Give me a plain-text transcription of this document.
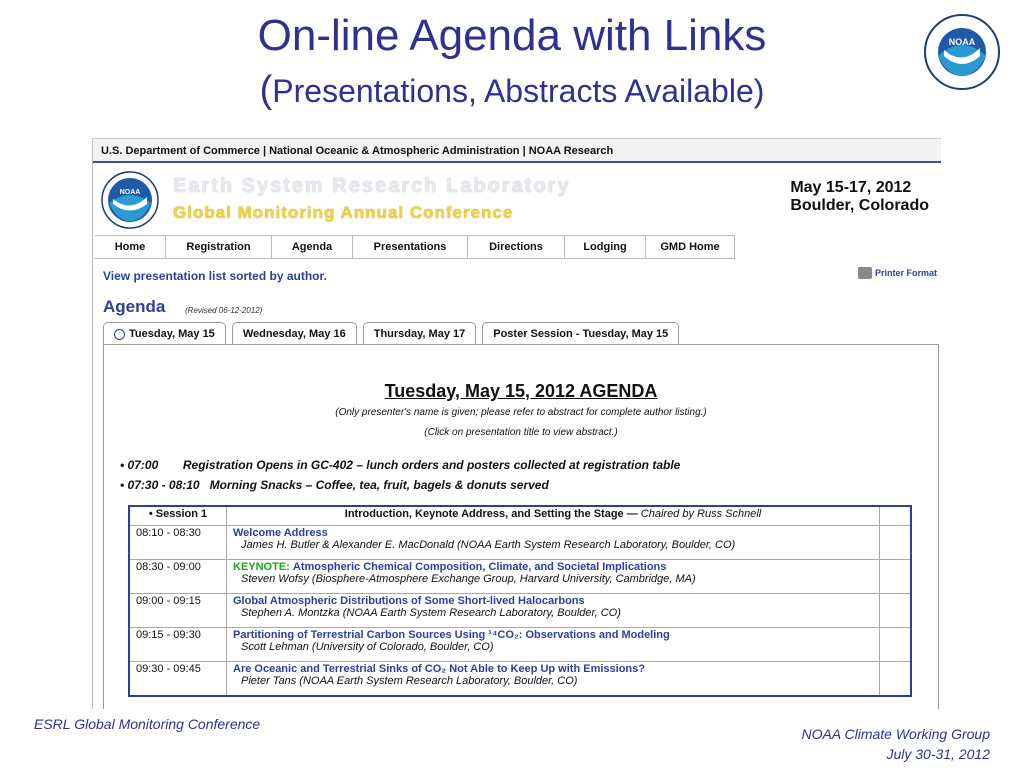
On-line Agenda with Links
(Presentations, Abstracts Available)
NOAA
U.S. Department of Commerce | National Oceanic & Atmospheric Administration | NOAA Research
NOAA Earth System Research Laboratory
Global Monitoring Annual Conference
May 15-17, 2012
Boulder, Colorado
Home	Registration	Agenda	Presentations	Directions	Lodging	GMD Home
View presentation list sorted by author.	Printer Format
Agenda (Revised 06-12-2012)
Tuesday, May 15	Wednesday, May 16	Thursday, May 17	Poster Session - Tuesday, May 15
Tuesday, May 15, 2012 AGENDA
(Only presenter's name is given; please refer to abstract for complete author listing.)
(Click on presentation title to view abstract.)
• 07:00 Registration Opens in GC-402 – lunch orders and posters collected at registration table
• 07:30 - 08:10 Morning Snacks – Coffee, tea, fruit, bagels & donuts served
• Session 1	Introduction, Keynote Address, and Setting the Stage — Chaired by Russ Schnell	
08:10 - 08:30	Welcome Address
James H. Butler & Alexander E. MacDonald (NOAA Earth System Research Laboratory, Boulder, CO)	

08:30 - 09:00	KEYNOTE: Atmospheric Chemical Composition, Climate, and Societal Implications
Steven Wofsy (Biosphere-Atmosphere Exchange Group, Harvard University, Cambridge, MA)	

09:00 - 09:15	Global Atmospheric Distributions of Some Short-lived Halocarbons
Stephen A. Montzka (NOAA Earth System Research Laboratory, Boulder, CO)	

09:15 - 09:30	Partitioning of Terrestrial Carbon Sources Using ¹⁴CO₂: Observations and Modeling
Scott Lehman (University of Colorado, Boulder, CO)	

09:30 - 09:45	Are Oceanic and Terrestrial Sinks of CO₂ Not Able to Keep Up with Emissions?
Pieter Tans (NOAA Earth System Research Laboratory, Boulder, CO)	

ESRL Global Monitoring Conference
NOAA Climate Working Group
July 30-31, 2012
